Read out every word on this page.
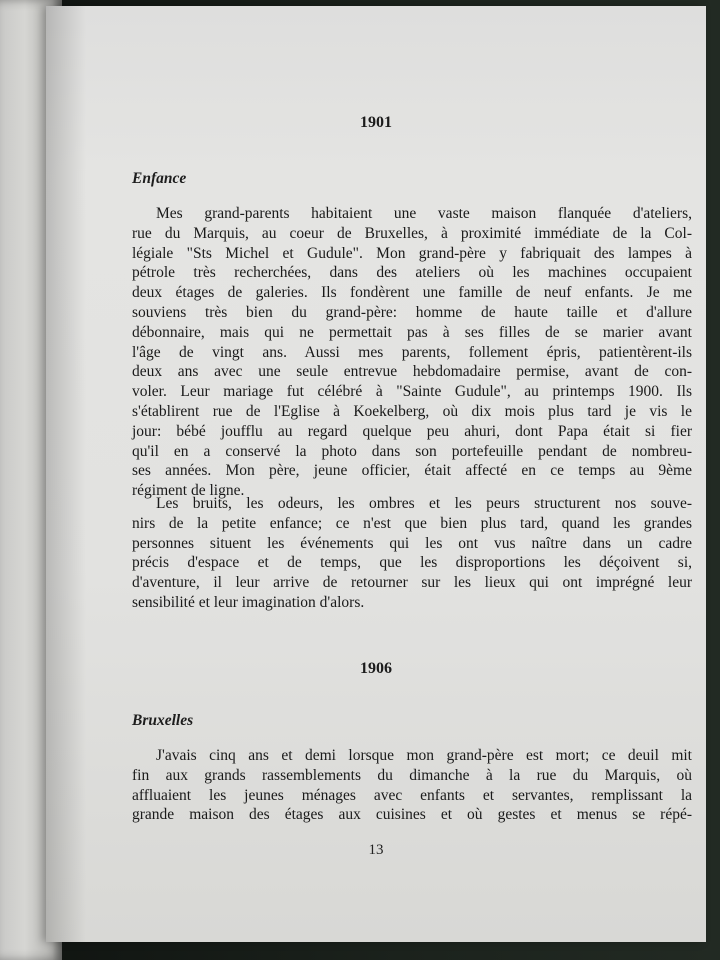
1901
Enfance

Mes grand-parents habitaient une vaste maison flanquée d'ateliers,
rue du Marquis, au coeur de Bruxelles, à proximité immédiate de la Col-
légiale "Sts Michel et Gudule". Mon grand-père y fabriquait des lampes à
pétrole très recherchées, dans des ateliers où les machines occupaient
deux étages de galeries. Ils fondèrent une famille de neuf enfants. Je me
souviens très bien du grand-père: homme de haute taille et d'allure
débonnaire, mais qui ne permettait pas à ses filles de se marier avant
l'âge de vingt ans. Aussi mes parents, follement épris, patientèrent-ils
deux ans avec une seule entrevue hebdomadaire permise, avant de con-
voler. Leur mariage fut célébré à "Sainte Gudule", au printemps 1900. Ils
s'établirent rue de l'Eglise à Koekelberg, où dix mois plus tard je vis le
jour: bébé joufflu au regard quelque peu ahuri, dont Papa était si fier
qu'il en a conservé la photo dans son portefeuille pendant de nombreu-
ses années. Mon père, jeune officier, était affecté en ce temps au 9ème
régiment de ligne.

Les bruits, les odeurs, les ombres et les peurs structurent nos souve-
nirs de la petite enfance; ce n'est que bien plus tard, quand les grandes
personnes situent les événements qui les ont vus naître dans un cadre
précis d'espace et de temps, que les disproportions les déçoivent si,
d'aventure, il leur arrive de retourner sur les lieux qui ont imprégné leur
sensibilité et leur imagination d'alors.

1906
Bruxelles

J'avais cinq ans et demi lorsque mon grand-père est mort; ce deuil mit
fin aux grands rassemblements du dimanche à la rue du Marquis, où
affluaient les jeunes ménages avec enfants et servantes, remplissant la
grande maison des étages aux cuisines et où gestes et menus se répé-

13
